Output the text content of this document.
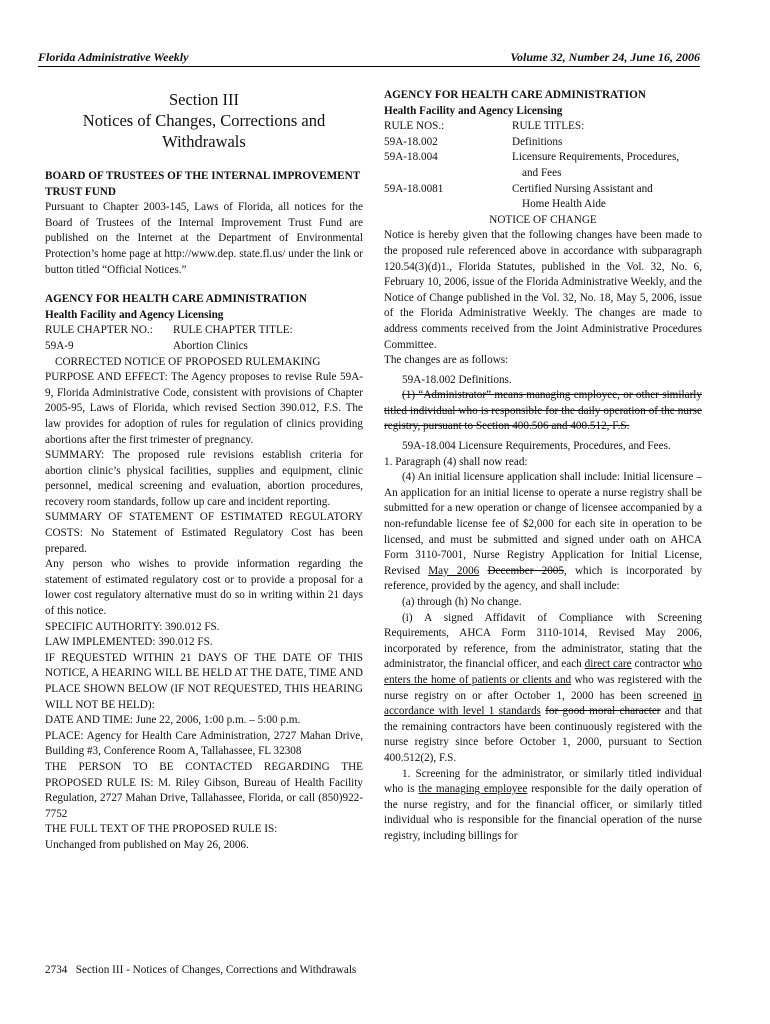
Florida Administrative Weekly	Volume 32, Number 24, June 16, 2006
Section III
Notices of Changes, Corrections and
Withdrawals

BOARD OF TRUSTEES OF THE INTERNAL IMPROVEMENT TRUST FUND

Pursuant to Chapter 2003-145, Laws of Florida, all notices for the Board of Trustees of the Internal Improvement Trust Fund are published on the Internet at the Department of Environmental Protection’s home page at http://www.dep. state.fl.us/ under the link or button titled “Official Notices.”

AGENCY FOR HEALTH CARE ADMINISTRATION

Health Facility and Agency Licensing

RULE CHAPTER NO.:	RULE CHAPTER TITLE:
59A-9	Abortion Clinics

CORRECTED NOTICE OF PROPOSED RULEMAKING

PURPOSE AND EFFECT: The Agency proposes to revise Rule 59A-9, Florida Administrative Code, consistent with provisions of Chapter 2005-95, Laws of Florida, which revised Section 390.012, F.S. The law provides for adoption of rules for regulation of clinics providing abortions after the first trimester of pregnancy.

SUMMARY: The proposed rule revisions establish criteria for abortion clinic’s physical facilities, supplies and equipment, clinic personnel, medical screening and evaluation, abortion procedures, recovery room standards, follow up care and incident reporting.

SUMMARY OF STATEMENT OF ESTIMATED REGULATORY COSTS: No Statement of Estimated Regulatory Cost has been prepared.

Any person who wishes to provide information regarding the statement of estimated regulatory cost or to provide a proposal for a lower cost regulatory alternative must do so in writing within 21 days of this notice.

SPECIFIC AUTHORITY: 390.012 FS.

LAW IMPLEMENTED: 390.012 FS.

IF REQUESTED WITHIN 21 DAYS OF THE DATE OF THIS NOTICE, A HEARING WILL BE HELD AT THE DATE, TIME AND PLACE SHOWN BELOW (IF NOT REQUESTED, THIS HEARING WILL NOT BE HELD):

DATE AND TIME: June 22, 2006, 1:00 p.m. – 5:00 p.m.

PLACE: Agency for Health Care Administration, 2727 Mahan Drive, Building #3, Conference Room A, Tallahassee, FL 32308

THE PERSON TO BE CONTACTED REGARDING THE PROPOSED RULE IS: M. Riley Gibson, Bureau of Health Facility Regulation, 2727 Mahan Drive, Tallahassee, Florida, or call (850)922-7752

THE FULL TEXT OF THE PROPOSED RULE IS:

Unchanged from published on May 26, 2006.

AGENCY FOR HEALTH CARE ADMINISTRATION

Health Facility and Agency Licensing

RULE NOS.:	RULE TITLES:
59A-18.002	Definitions
59A-18.004	Licensure Requirements, Procedures,
and Fees
59A-18.0081	Certified Nursing Assistant and
Home Health Aide

NOTICE OF CHANGE

Notice is hereby given that the following changes have been made to the proposed rule referenced above in accordance with subparagraph 120.54(3)(d)1., Florida Statutes, published in the Vol. 32, No. 6, February 10, 2006, issue of the Florida Administrative Weekly, and the Notice of Change published in the Vol. 32, No. 18, May 5, 2006, issue of the Florida Administrative Weekly. The changes are made to address comments received from the Joint Administrative Procedures Committee.

The changes are as follows:

59A-18.002 Definitions.

(1) “Administrator” means managing employee, or other similarly titled individual who is responsible for the daily operation of the nurse registry, pursuant to Section 400.506 and 400.512, F.S.

59A-18.004 Licensure Requirements, Procedures, and Fees.

1. Paragraph (4) shall now read:

(4) An initial licensure application shall include: Initial licensure – An application for an initial license to operate a nurse registry shall be submitted for a new operation or change of licensee accompanied by a non-refundable license fee of $2,000 for each site in operation to be licensed, and must be submitted and signed under oath on AHCA Form 3110-7001, Nurse Registry Application for Initial License, Revised May 2006 December 2005, which is incorporated by reference, provided by the agency, and shall include:

(a) through (h) No change.

(i) A signed Affidavit of Compliance with Screening Requirements, AHCA Form 3110-1014, Revised May 2006, incorporated by reference, from the administrator, stating that the administrator, the financial officer, and each direct care contractor who enters the home of patients or clients and who was registered with the nurse registry on or after October 1, 2000 has been screened in accordance with level 1 standards for good moral character and that the remaining contractors have been continuously registered with the nurse registry since before October 1, 2000, pursuant to Section 400.512(2), F.S.

1. Screening for the administrator, or similarly titled individual who is the managing employee responsible for the daily operation of the nurse registry, and for the financial officer, or similarly titled individual who is responsible for the financial operation of the nurse registry, including billings for

2734 Section III - Notices of Changes, Corrections and Withdrawals
